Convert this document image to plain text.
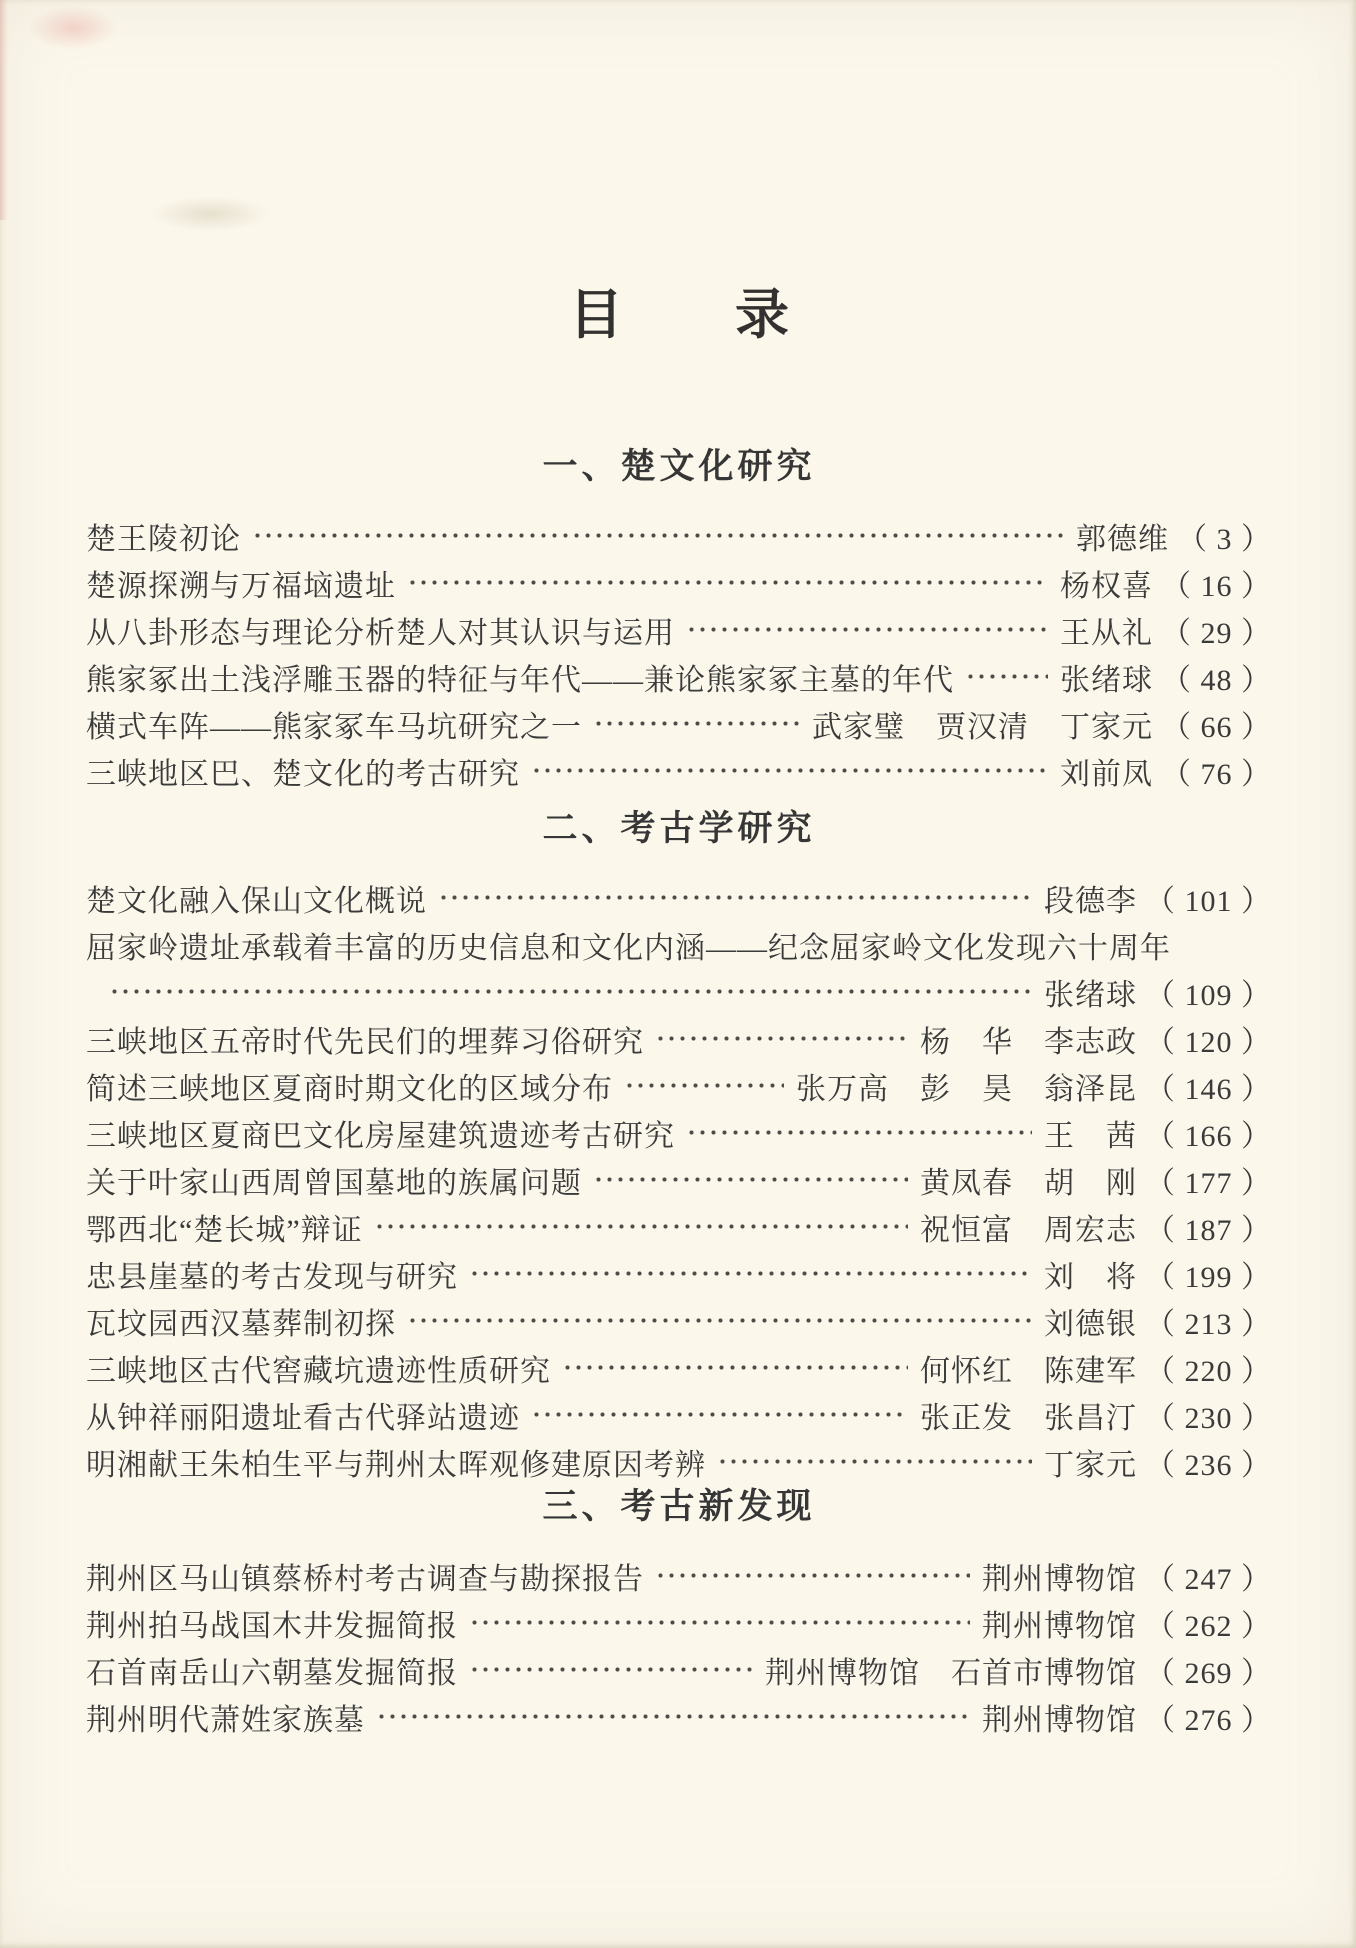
目录
一、楚文化研究
楚王陵初论	郭德维 （ 3 ）
楚源探溯与万福垴遗址	杨权喜 （ 16 ）
从八卦形态与理论分析楚人对其认识与运用	王从礼 （ 29 ）
熊家冢出土浅浮雕玉器的特征与年代——兼论熊家冢主墓的年代	张绪球 （ 48 ）
横式车阵——熊家冢车马坑研究之一	武家璧　贾汉清　丁家元 （ 66 ）
三峡地区巴、楚文化的考古研究	刘前凤 （ 76 ）
二、考古学研究
楚文化融入保山文化概说	段德李 （ 101 ）
屈家岭遗址承载着丰富的历史信息和文化内涵——纪念屈家岭文化发现六十周年
张绪球 （ 109 ）
三峡地区五帝时代先民们的埋葬习俗研究	杨　华　李志政 （ 120 ）
简述三峡地区夏商时期文化的区域分布	张万高　彭　昊　翁泽昆 （ 146 ）
三峡地区夏商巴文化房屋建筑遗迹考古研究	王　茜 （ 166 ）
关于叶家山西周曾国墓地的族属问题	黄凤春　胡　刚 （ 177 ）
鄂西北“楚长城”辩证	祝恒富　周宏志 （ 187 ）
忠县崖墓的考古发现与研究	刘　将 （ 199 ）
瓦坟园西汉墓葬制初探	刘德银 （ 213 ）
三峡地区古代窖藏坑遗迹性质研究	何怀红　陈建军 （ 220 ）
从钟祥丽阳遗址看古代驿站遗迹	张正发　张昌汀 （ 230 ）
明湘献王朱柏生平与荆州太晖观修建原因考辨	丁家元 （ 236 ）
三、考古新发现
荆州区马山镇蔡桥村考古调查与勘探报告	荆州博物馆 （ 247 ）
荆州拍马战国木井发掘简报	荆州博物馆 （ 262 ）
石首南岳山六朝墓发掘简报	荆州博物馆　石首市博物馆 （ 269 ）
荆州明代萧姓家族墓	荆州博物馆 （ 276 ）
